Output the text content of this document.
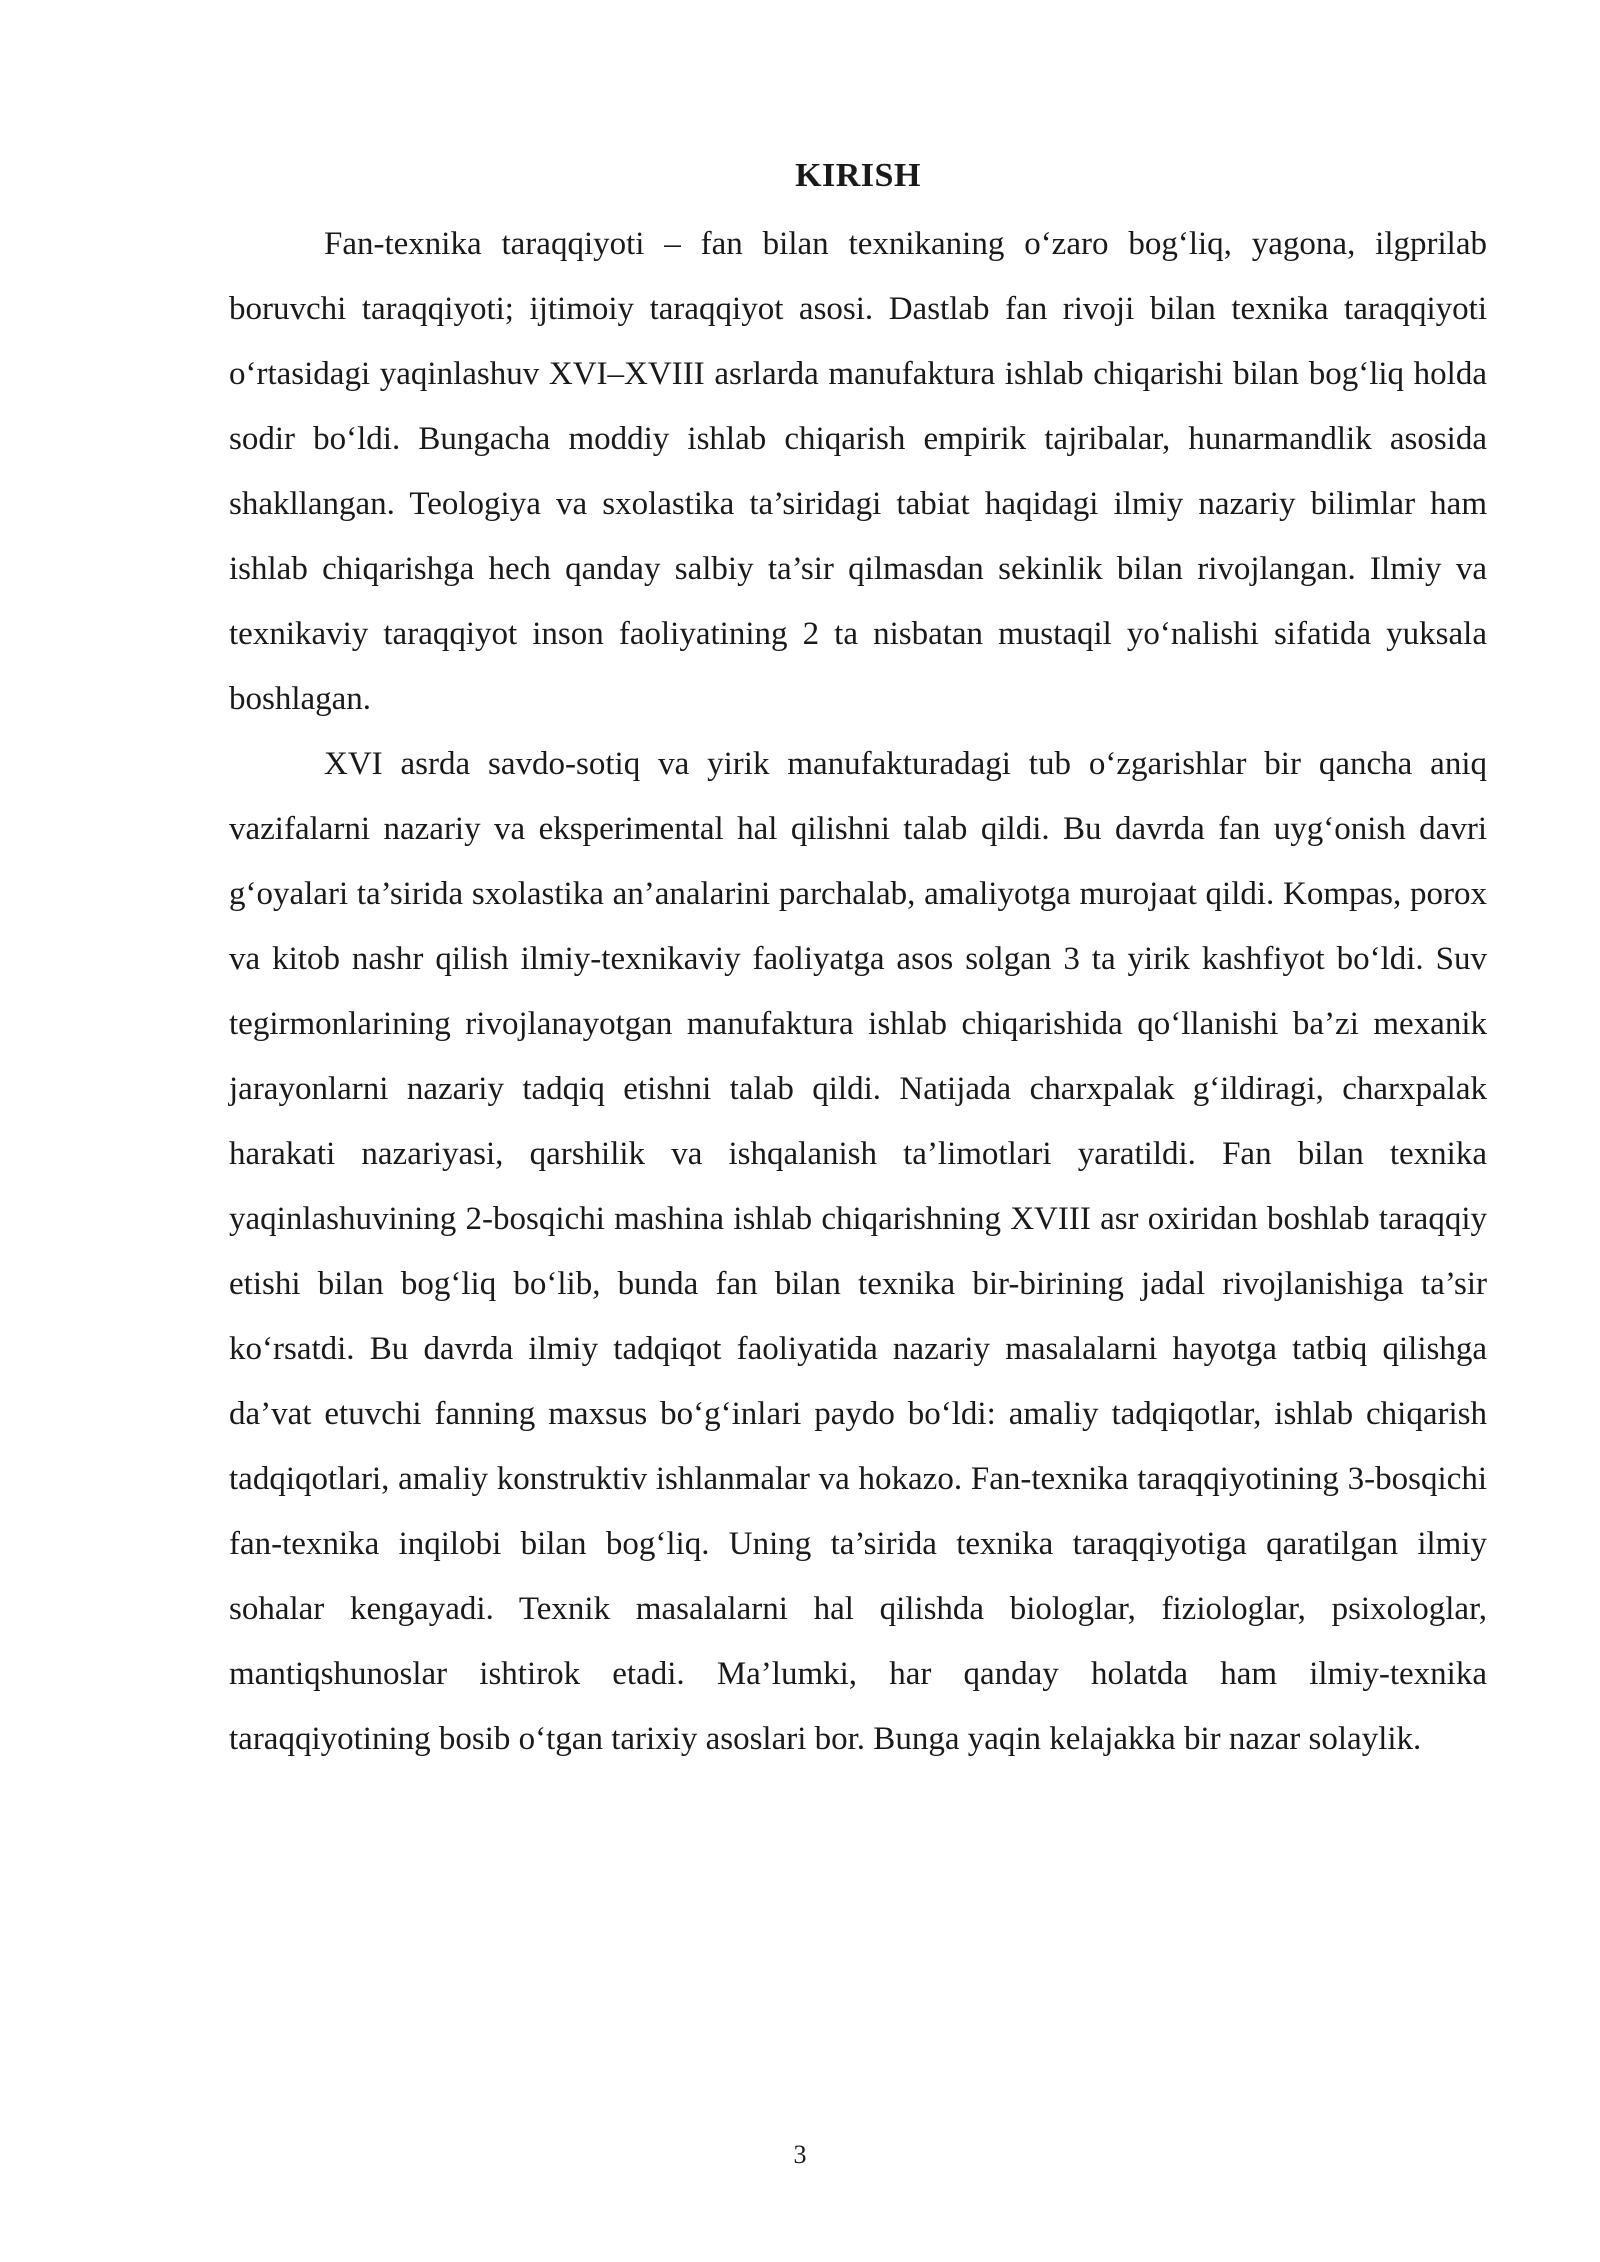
KIRISH

Fan-texnika taraqqiyoti – fan bilan texnikaning o‘zaro bog‘liq, yagona, ilgprilab boruvchi taraqqiyoti; ijtimoiy taraqqiyot asosi. Dastlab fan rivoji bilan texnika taraqqiyoti o‘rtasidagi yaqinlashuv XVI–XVIII asrlarda manufaktura ishlab chiqarishi bilan bog‘liq holda sodir bo‘ldi. Bungacha moddiy ishlab chiqarish empirik tajribalar, hunarmandlik asosida shakllangan. Teologiya va sxolastika ta’siridagi tabiat haqidagi ilmiy nazariy bilimlar ham ishlab chiqarishga hech qanday salbiy ta’sir qilmasdan sekinlik bilan rivojlangan. Ilmiy va texnikaviy taraqqiyot inson faoliyatining 2 ta nisbatan mustaqil yo‘nalishi sifatida yuksala boshlagan.

XVI asrda savdo-sotiq va yirik manufakturadagi tub o‘zgarishlar bir qancha aniq vazifalarni nazariy va eksperimental hal qilishni talab qildi. Bu davrda fan uyg‘onish davri g‘oyalari ta’sirida sxolastika an’analarini parchalab, amaliyotga murojaat qildi. Kompas, porox va kitob nashr qilish ilmiy-texnikaviy faoliyatga asos solgan 3 ta yirik kashfiyot bo‘ldi. Suv tegirmonlarining rivojlanayotgan manufaktura ishlab chiqarishida qo‘llanishi ba’zi mexanik jarayonlarni nazariy tadqiq etishni talab qildi. Natijada charxpalak g‘ildiragi, charxpalak harakati nazariyasi, qarshilik va ishqalanish ta’limotlari yaratildi. Fan bilan texnika yaqinlashuvining 2-bosqichi mashina ishlab chiqarishning XVIII asr oxiridan boshlab taraqqiy etishi bilan bog‘liq bo‘lib, bunda fan bilan texnika bir-birining jadal rivojlanishiga ta’sir ko‘rsatdi. Bu davrda ilmiy tadqiqot faoliyatida nazariy masalalarni hayotga tatbiq qilishga da’vat etuvchi fanning maxsus bo‘g‘inlari paydo bo‘ldi: amaliy tadqiqotlar, ishlab chiqarish tadqiqotlari, amaliy konstruktiv ishlanmalar va hokazo. Fan-texnika taraqqiyotining 3-bosqichi fan-texnika inqilobi bilan bog‘liq. Uning ta’sirida texnika taraqqiyotiga qaratilgan ilmiy sohalar kengayadi. Texnik masalalarni hal qilishda biologlar, fiziologlar, psixologlar, mantiqshunoslar ishtirok etadi. Ma’lumki, har qanday holatda ham ilmiy-texnika taraqqiyotining bosib o‘tgan tarixiy asoslari bor. Bunga yaqin kelajakka bir nazar solaylik.

3
